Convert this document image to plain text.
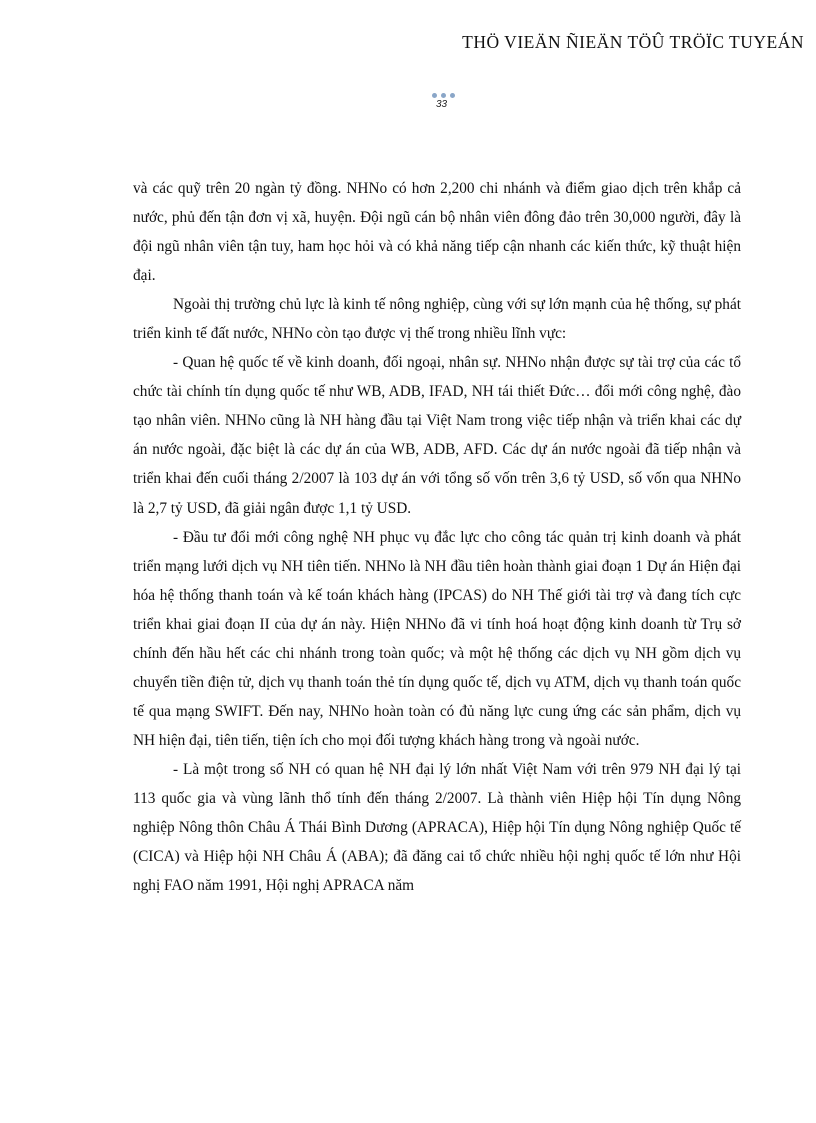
THÖ VIEÄN ÑIEÄN TÖÛ TRÖÏC TUYEÁN
33

và các quỹ trên 20 ngàn tỷ đồng. NHNo có hơn 2,200 chi nhánh và điểm giao dịch trên khắp cả nước, phủ đến tận đơn vị xã, huyện. Đội ngũ cán bộ nhân viên đông đảo trên 30,000 người, đây là đội ngũ nhân viên tận tuy, ham học hỏi và có khả năng tiếp cận nhanh các kiến thức, kỹ thuật hiện đại.

Ngoài thị trường chủ lực là kinh tế nông nghiệp, cùng với sự lớn mạnh của hệ thống, sự phát triển kinh tế đất nước, NHNo còn tạo được vị thế trong nhiều lĩnh vực:

- Quan hệ quốc tế về kinh doanh, đối ngoại, nhân sự. NHNo nhận được sự tài trợ của các tổ chức tài chính tín dụng quốc tế như WB, ADB, IFAD, NH tái thiết Đức… đổi mới công nghệ, đào tạo nhân viên. NHNo cũng là NH hàng đầu tại Việt Nam trong việc tiếp nhận và triển khai các dự án nước ngoài, đặc biệt là các dự án của WB, ADB, AFD. Các dự án nước ngoài đã tiếp nhận và triển khai đến cuối tháng 2/2007 là 103 dự án với tổng số vốn trên 3,6 tỷ USD, số vốn qua NHNo là 2,7 tỷ USD, đã giải ngân được 1,1 tỷ USD.

- Đầu tư đổi mới công nghệ NH phục vụ đắc lực cho công tác quản trị kinh doanh và phát triển mạng lưới dịch vụ NH tiên tiến. NHNo là NH đầu tiên hoàn thành giai đoạn 1 Dự án Hiện đại hóa hệ thống thanh toán và kế toán khách hàng (IPCAS) do NH Thế giới tài trợ và đang tích cực triển khai giai đoạn II của dự án này. Hiện NHNo đã vi tính hoá hoạt động kinh doanh từ Trụ sở chính đến hầu hết các chi nhánh trong toàn quốc; và một hệ thống các dịch vụ NH gồm dịch vụ chuyển tiền điện tử, dịch vụ thanh toán thẻ tín dụng quốc tế, dịch vụ ATM, dịch vụ thanh toán quốc tế qua mạng SWIFT. Đến nay, NHNo hoàn toàn có đủ năng lực cung ứng các sản phẩm, dịch vụ NH hiện đại, tiên tiến, tiện ích cho mọi đối tượng khách hàng trong và ngoài nước.

- Là một trong số NH có quan hệ NH đại lý lớn nhất Việt Nam với trên 979 NH đại lý tại 113 quốc gia và vùng lãnh thổ tính đến tháng 2/2007. Là thành viên Hiệp hội Tín dụng Nông nghiệp Nông thôn Châu Á Thái Bình Dương (APRACA), Hiệp hội Tín dụng Nông nghiệp Quốc tế (CICA) và Hiệp hội NH Châu Á (ABA); đã đăng cai tổ chức nhiều hội nghị quốc tế lớn như Hội nghị FAO năm 1991, Hội nghị APRACA năm
